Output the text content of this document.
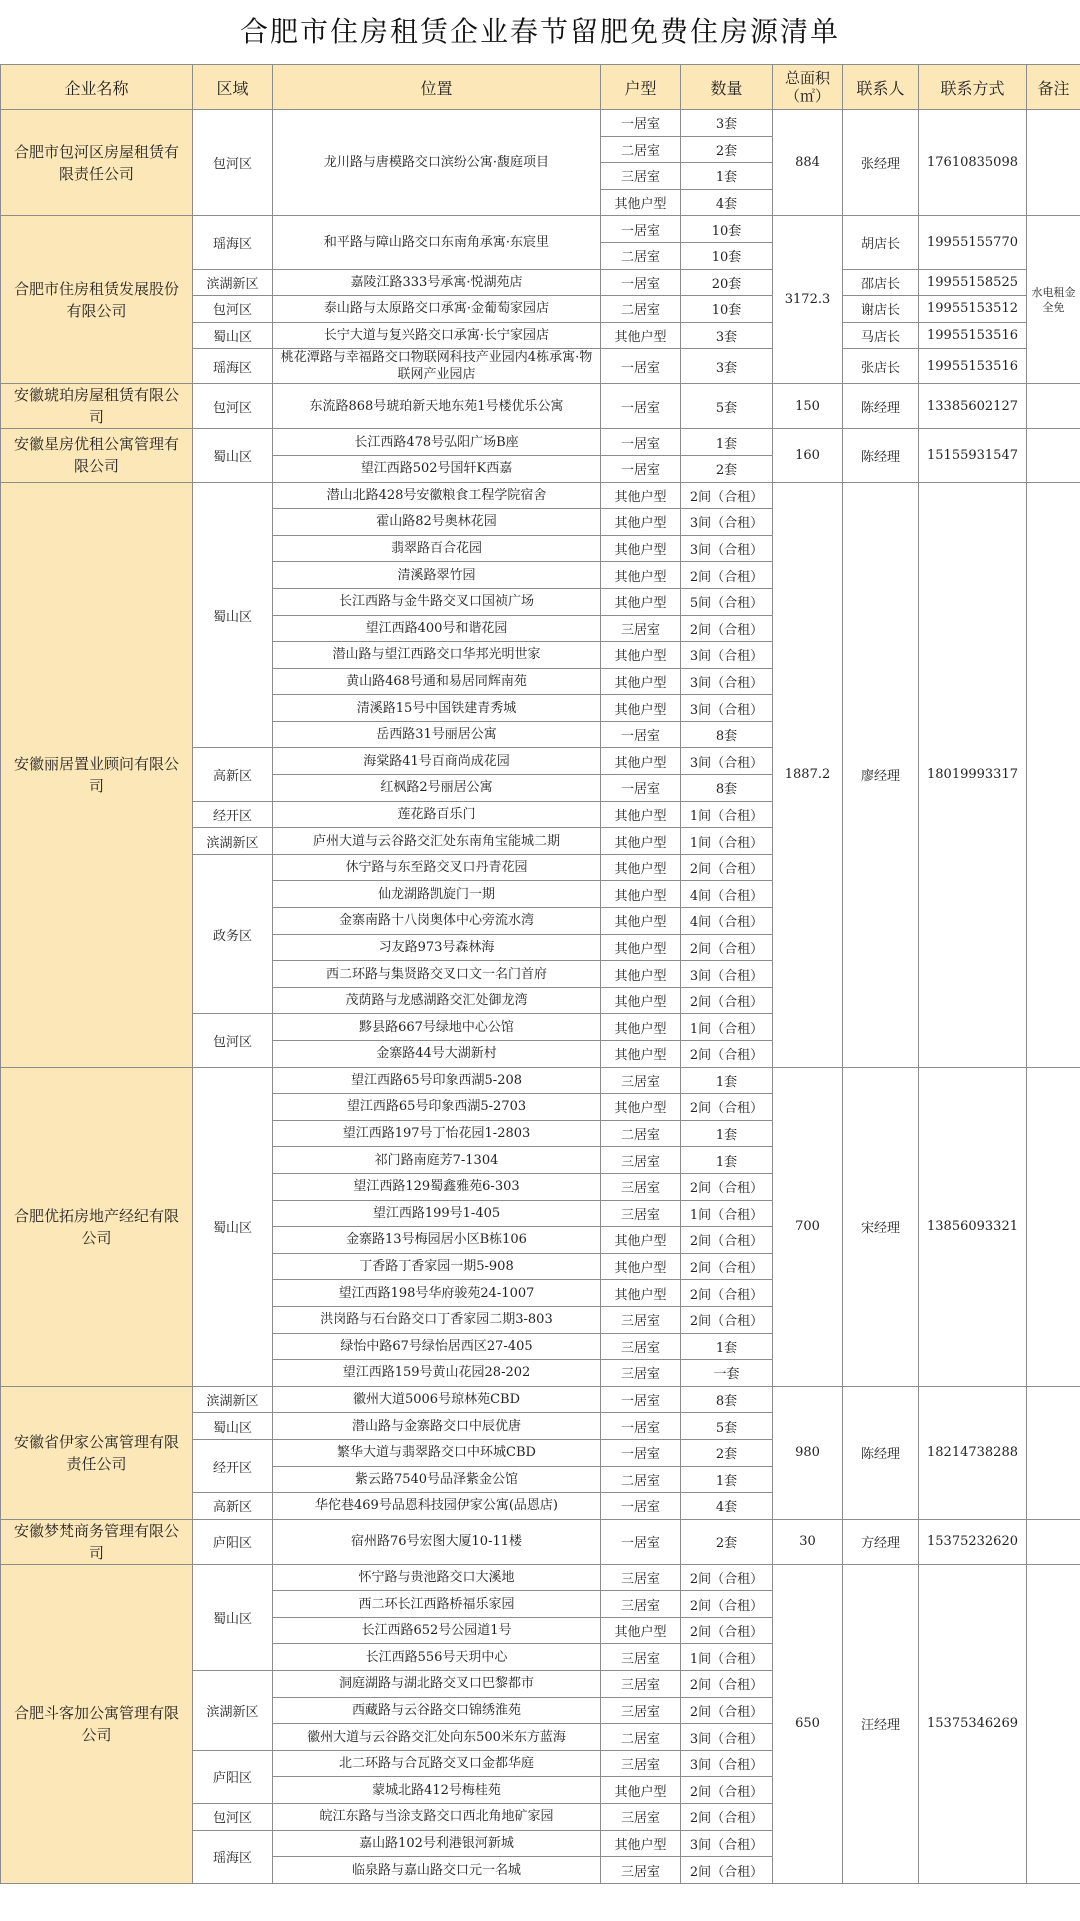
合肥市住房租赁企业春节留肥免费住房源清单
企业名称	区域	位置	户型	数量	总面积（㎡）	联系人	联系方式	备注
合肥市包河区房屋租赁有限责任公司	包河区	龙川路与唐模路交口滨纷公寓·馥庭项目	一居室	3套	884	张经理	17610835098	
			二居室	2套				
			三居室	1套				
			其他户型	4套				
合肥市住房租赁发展股份有限公司	瑶海区	和平路与障山路交口东南角承寓·东宸里	一居室	10套	3172.3	胡店长	19955155770	水电租金全免
			二居室	10套				
	滨湖新区	嘉陵江路333号承寓·悦湖苑店	一居室	20套		邵店长	19955158525	
	包河区	泰山路与太原路交口承寓·金葡萄家园店	二居室	10套		谢店长	19955153512	
	蜀山区	长宁大道与复兴路交口承寓·长宁家园店	其他户型	3套		马店长	19955153516	
	瑶海区	桃花潭路与幸福路交口物联网科技产业园内4栋承寓·物联网产业园店	一居室	3套		张店长	19955153516	
安徽琥珀房屋租赁有限公司	包河区	东流路868号琥珀新天地东苑1号楼优乐公寓	一居室	5套	150	陈经理	13385602127	
安徽星房优租公寓管理有限公司	蜀山区	长江西路478号弘阳广场B座	一居室	1套	160	陈经理	15155931547	
		望江西路502号国轩K西嘉	一居室	2套				
安徽丽居置业顾问有限公司	蜀山区	潜山北路428号安徽粮食工程学院宿舍	其他户型	2间（合租）	1887.2	廖经理	18019993317	
		霍山路82号奥林花园	其他户型	3间（合租）				
		翡翠路百合花园	其他户型	3间（合租）				
		清溪路翠竹园	其他户型	2间（合租）				
		长江西路与金牛路交叉口国祯广场	其他户型	5间（合租）				
		望江西路400号和谐花园	三居室	2间（合租）				
		潜山路与望江西路交口华邦光明世家	其他户型	3间（合租）				
		黄山路468号通和易居同辉南苑	其他户型	3间（合租）				
		清溪路15号中国铁建青秀城	其他户型	3间（合租）				
		岳西路31号丽居公寓	一居室	8套				
	高新区	海棠路41号百商尚成花园	其他户型	3间（合租）				
		红枫路2号丽居公寓	一居室	8套				
	经开区	莲花路百乐门	其他户型	1间（合租）				
	滨湖新区	庐州大道与云谷路交汇处东南角宝能城二期	其他户型	1间（合租）				
	政务区	休宁路与东至路交叉口丹青花园	其他户型	2间（合租）				
		仙龙湖路凯旋门一期	其他户型	4间（合租）				
		金寨南路十八岗奥体中心旁流水湾	其他户型	4间（合租）				
		习友路973号森林海	其他户型	2间（合租）				
		西二环路与集贤路交叉口文一名门首府	其他户型	3间（合租）				
		茂荫路与龙感湖路交汇处御龙湾	其他户型	2间（合租）				
	包河区	黟县路667号绿地中心公馆	其他户型	1间（合租）				
		金寨路44号大湖新村	其他户型	2间（合租）				
合肥优拓房地产经纪有限公司	蜀山区	望江西路65号印象西湖5-208	三居室	1套	700	宋经理	13856093321	
		望江西路65号印象西湖5-2703	其他户型	2间（合租）				
		望江西路197号丁怡花园1-2803	二居室	1套				
		祁门路南庭芳7-1304	三居室	1套				
		望江西路129蜀鑫雅苑6-303	三居室	2间（合租）				
		望江西路199号1-405	三居室	1间（合租）				
		金寨路13号梅园居小区B栋106	其他户型	2间（合租）				
		丁香路丁香家园一期5-908	其他户型	2间（合租）				
		望江西路198号华府骏苑24-1007	其他户型	2间（合租）				
		洪岗路与石台路交口丁香家园二期3-803	三居室	2间（合租）				
		绿怡中路67号绿怡居西区27-405	三居室	1套				
		望江西路159号黄山花园28-202	三居室	一套				
安徽省伊家公寓管理有限责任公司	滨湖新区	徽州大道5006号琼林苑CBD	一居室	8套	980	陈经理	18214738288	
	蜀山区	潜山路与金寨路交口中辰优唐	一居室	5套				
	经开区	繁华大道与翡翠路交口中环城CBD	一居室	2套				
		紫云路7540号品泽紫金公馆	二居室	1套				
	高新区	华佗巷469号品恩科技园伊家公寓(品恩店)	一居室	4套				
安徽梦梵商务管理有限公司	庐阳区	宿州路76号宏图大厦10-11楼	一居室	2套	30	方经理	15375232620	
合肥斗客加公寓管理有限公司	蜀山区	怀宁路与贵池路交口大溪地	三居室	2间（合租）	650	汪经理	15375346269	
		西二环长江西路桥福乐家园	三居室	2间（合租）				
		长江西路652号公园道1号	其他户型	2间（合租）				
		长江西路556号天玥中心	三居室	1间（合租）				
	滨湖新区	洞庭湖路与湖北路交叉口巴黎都市	三居室	2间（合租）				
		西藏路与云谷路交口锦绣淮苑	三居室	2间（合租）				
		徽州大道与云谷路交汇处向东500米东方蓝海	二居室	3间（合租）				
	庐阳区	北二环路与合瓦路交叉口金都华庭	三居室	3间（合租）				
		蒙城北路412号梅桂苑	其他户型	2间（合租）				
	包河区	皖江东路与当涂支路交口西北角地矿家园	三居室	2间（合租）				
	瑶海区	嘉山路102号利港银河新城	其他户型	3间（合租）				
		临泉路与嘉山路交口元一名城	三居室	2间（合租）				
